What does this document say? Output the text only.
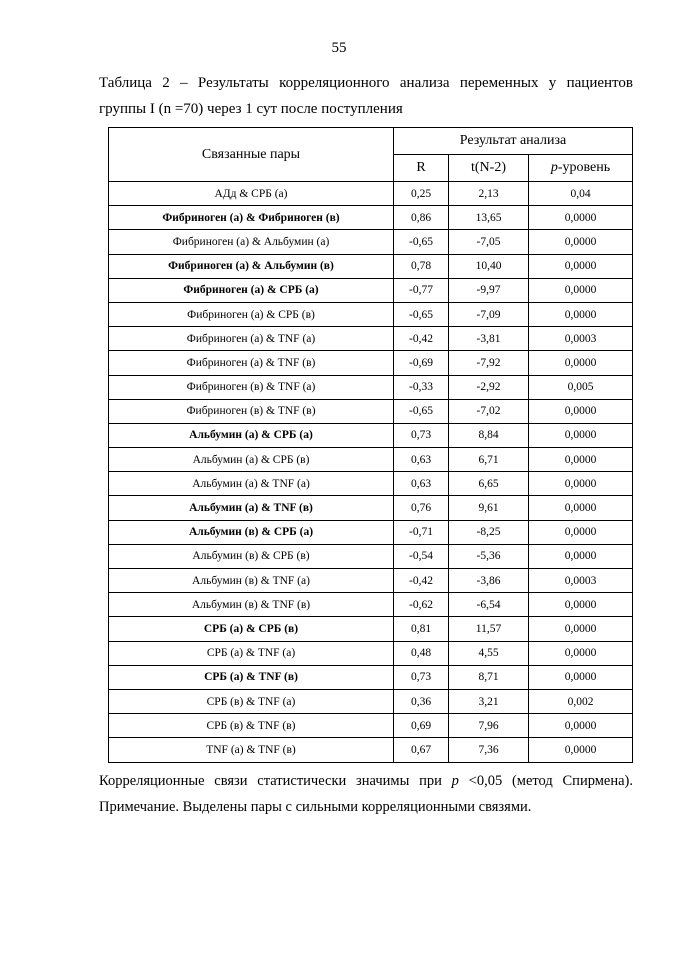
55
Таблица 2 – Результаты корреляционного анализа переменных у пациентов
группы I (n =70) через 1 сут после поступления
Связанные пары	Результат анализа		
	R	t(N-2)	p-уровень
АДд & СРБ (а)	0,25	2,13	0,04
Фибриноген (а) & Фибриноген (в)	0,86	13,65	0,0000
Фибриноген (а) & Альбумин (а)	-0,65	-7,05	0,0000
Фибриноген (а) & Альбумин (в)	0,78	10,40	0,0000
Фибриноген (а) & СРБ (а)	-0,77	-9,97	0,0000
Фибриноген (а) & СРБ (в)	-0,65	-7,09	0,0000
Фибриноген (а) & TNF (а)	-0,42	-3,81	0,0003
Фибриноген (а) & TNF (в)	-0,69	-7,92	0,0000
Фибриноген (в) & TNF (а)	-0,33	-2,92	0,005
Фибриноген (в) & TNF (в)	-0,65	-7,02	0,0000
Альбумин (а) & СРБ (а)	0,73	8,84	0,0000
Альбумин (а) & СРБ (в)	0,63	6,71	0,0000
Альбумин (а) & TNF (а)	0,63	6,65	0,0000
Альбумин (а) & TNF (в)	0,76	9,61	0,0000
Альбумин (в) & СРБ (а)	-0,71	-8,25	0,0000
Альбумин (в) & СРБ (в)	-0,54	-5,36	0,0000
Альбумин (в) & TNF (а)	-0,42	-3,86	0,0003
Альбумин (в) & TNF (в)	-0,62	-6,54	0,0000
СРБ (а) & СРБ (в)	0,81	11,57	0,0000
СРБ (а) & TNF (а)	0,48	4,55	0,0000
СРБ (а) & TNF (в)	0,73	8,71	0,0000
СРБ (в) & TNF (а)	0,36	3,21	0,002
СРБ (в) & TNF (в)	0,69	7,96	0,0000
TNF (а) & TNF (в)	0,67	7,36	0,0000
Корреляционные связи статистически значимы при p <0,05 (метод Спирмена).
Примечание. Выделены пары с сильными корреляционными связями.
